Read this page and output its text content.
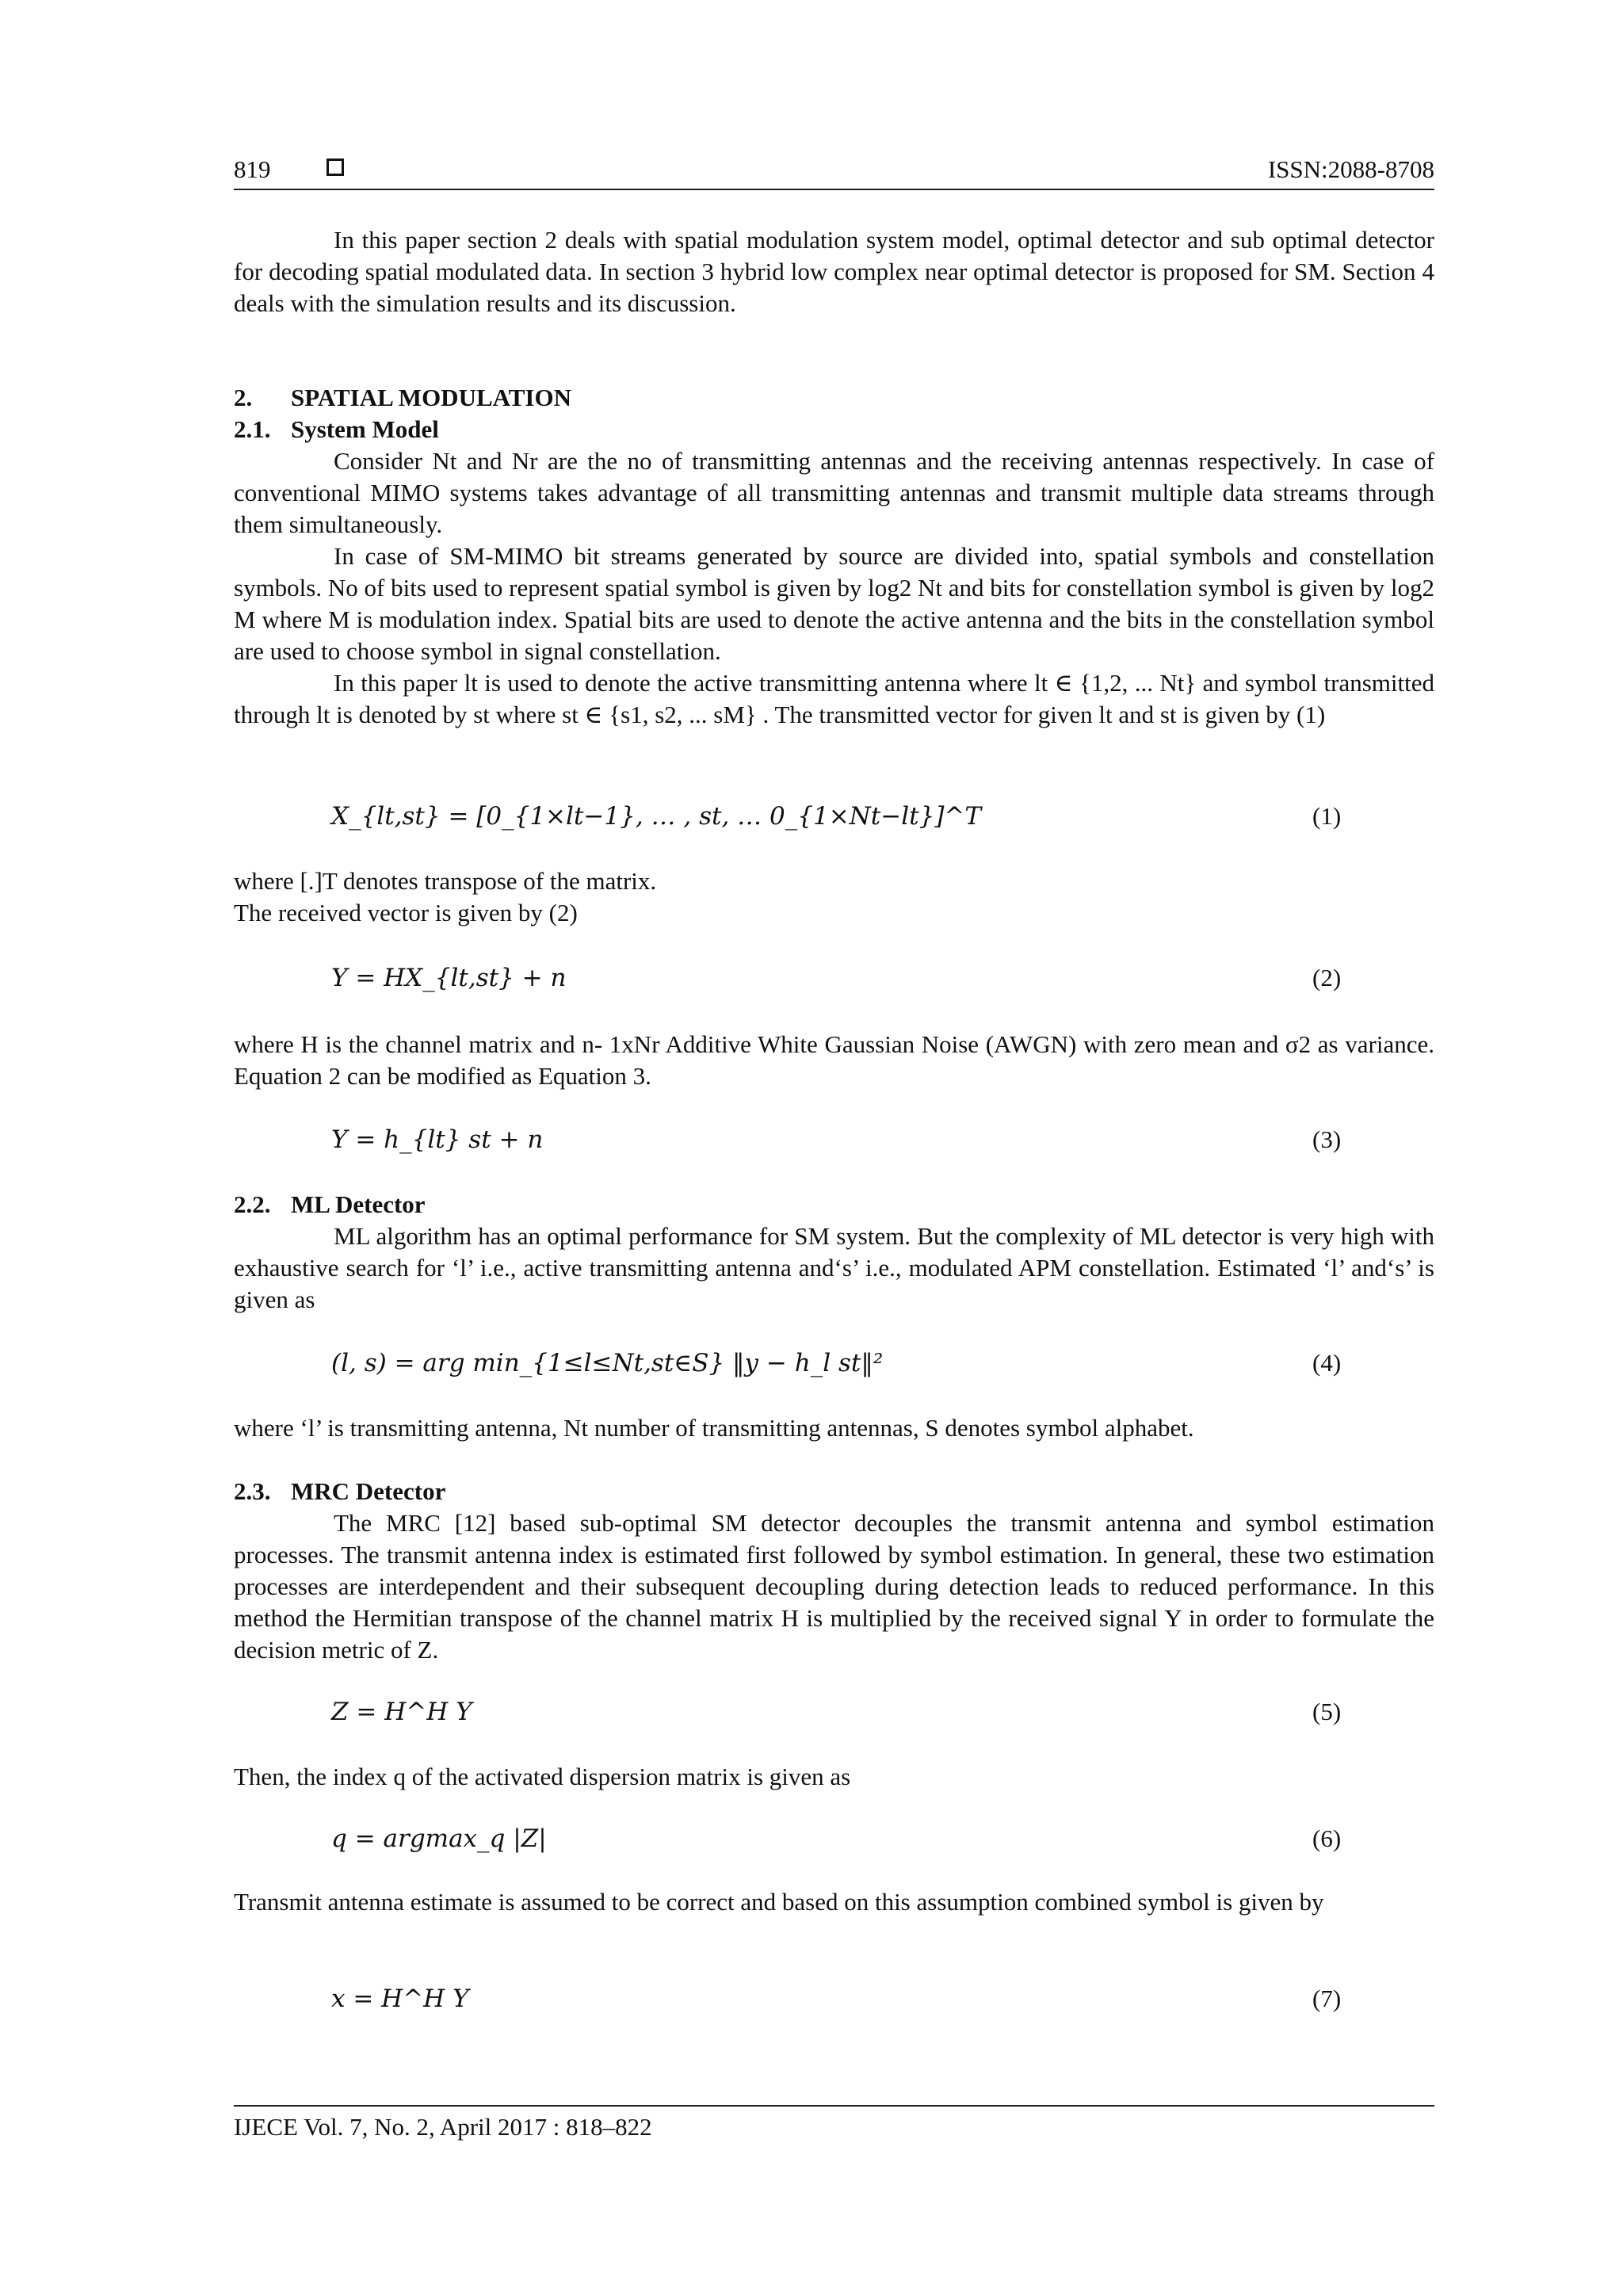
819	ISSN:2088-8708

In this paper section 2 deals with spatial modulation system model, optimal detector and sub optimal detector for decoding spatial modulated data. In section 3 hybrid low complex near optimal detector is proposed for SM. Section 4 deals with the simulation results and its discussion.

2. SPATIAL MODULATION
2.1. System Model

Consider Nt and Nr are the no of transmitting antennas and the receiving antennas respectively. In case of conventional MIMO systems takes advantage of all transmitting antennas and transmit multiple data streams through them simultaneously.

In case of SM-MIMO bit streams generated by source are divided into, spatial symbols and constellation symbols. No of bits used to represent spatial symbol is given by log2 Nt and bits for constellation symbol is given by log2 M where M is modulation index. Spatial bits are used to denote the active antenna and the bits in the constellation symbol are used to choose symbol in signal constellation.

In this paper lt is used to denote the active transmitting antenna where lt ∈ {1,2, ... Nt} and symbol transmitted through lt is denoted by st where st ∈ {s1, s2, ... sM} . The transmitted vector for given lt and st is given by (1)

X_{lt,st} = [0_{1×lt−1}, … , st, … 0_{1×Nt−lt}]^T	(1)

where [.]T denotes transpose of the matrix.

The received vector is given by (2)

Y = HX_{lt,st} + n	(2)

where H is the channel matrix and n- 1xNr Additive White Gaussian Noise (AWGN) with zero mean and σ2 as variance. Equation 2 can be modified as Equation 3.

Y = h_{lt} st + n	(3)
2.2. ML Detector

ML algorithm has an optimal performance for SM system. But the complexity of ML detector is very high with exhaustive search for ‘l’ i.e., active transmitting antenna and‘s’ i.e., modulated APM constellation. Estimated ‘l’ and‘s’ is given as

(l, s) = arg min_{1≤l≤Nt,st∈S} ‖y − h_l st‖²	(4)

where ‘l’ is transmitting antenna, Nt number of transmitting antennas, S denotes symbol alphabet.

2.3. MRC Detector

The MRC [12] based sub-optimal SM detector decouples the transmit antenna and symbol estimation processes. The transmit antenna index is estimated first followed by symbol estimation. In general, these two estimation processes are interdependent and their subsequent decoupling during detection leads to reduced performance. In this method the Hermitian transpose of the channel matrix H is multiplied by the received signal Y in order to formulate the decision metric of Z.

Z = H^H Y	(5)

Then, the index q of the activated dispersion matrix is given as

q = argmax_q |Z|	(6)

Transmit antenna estimate is assumed to be correct and based on this assumption combined symbol is given by

x = H^H Y	(7)
IJECE Vol. 7, No. 2, April 2017 : 818–822
